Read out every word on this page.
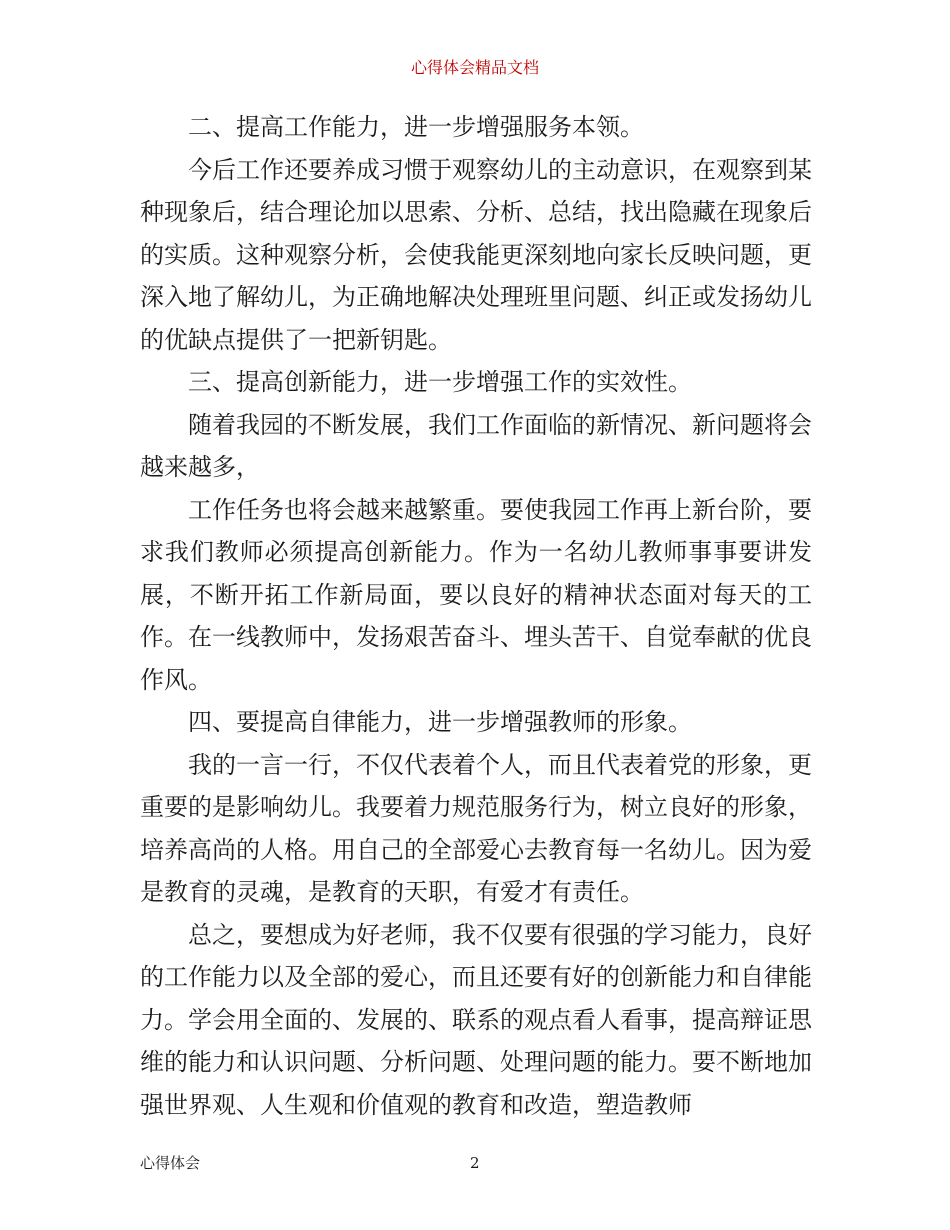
心得体会精品文档

二、提高工作能力，进一步增强服务本领。

今后工作还要养成习惯于观察幼儿的主动意识，在观察到某种现象后，结合理论加以思索、分析、总结，找出隐藏在现象后的实质。这种观察分析，会使我能更深刻地向家长反映问题，更深入地了解幼儿，为正确地解决处理班里问题、纠正或发扬幼儿的优缺点提供了一把新钥匙。

三、提高创新能力，进一步增强工作的实效性。

随着我园的不断发展，我们工作面临的新情况、新问题将会越来越多，

工作任务也将会越来越繁重。要使我园工作再上新台阶，要求我们教师必须提高创新能力。作为一名幼儿教师事事要讲发展，不断开拓工作新局面，要以良好的精神状态面对每天的工作。在一线教师中，发扬艰苦奋斗、埋头苦干、自觉奉献的优良作风。

四、要提高自律能力，进一步增强教师的形象。

我的一言一行，不仅代表着个人，而且代表着党的形象，更重要的是影响幼儿。我要着力规范服务行为，树立良好的形象，培养高尚的人格。用自己的全部爱心去教育每一名幼儿。因为爱是教育的灵魂，是教育的天职，有爱才有责任。

总之，要想成为好老师，我不仅要有很强的学习能力，良好的工作能力以及全部的爱心，而且还要有好的创新能力和自律能力。学会用全面的、发展的、联系的观点看人看事，提高辩证思维的能力和认识问题、分析问题、处理问题的能力。要不断地加强世界观、人生观和价值观的教育和改造，塑造教师

心得体会	2
